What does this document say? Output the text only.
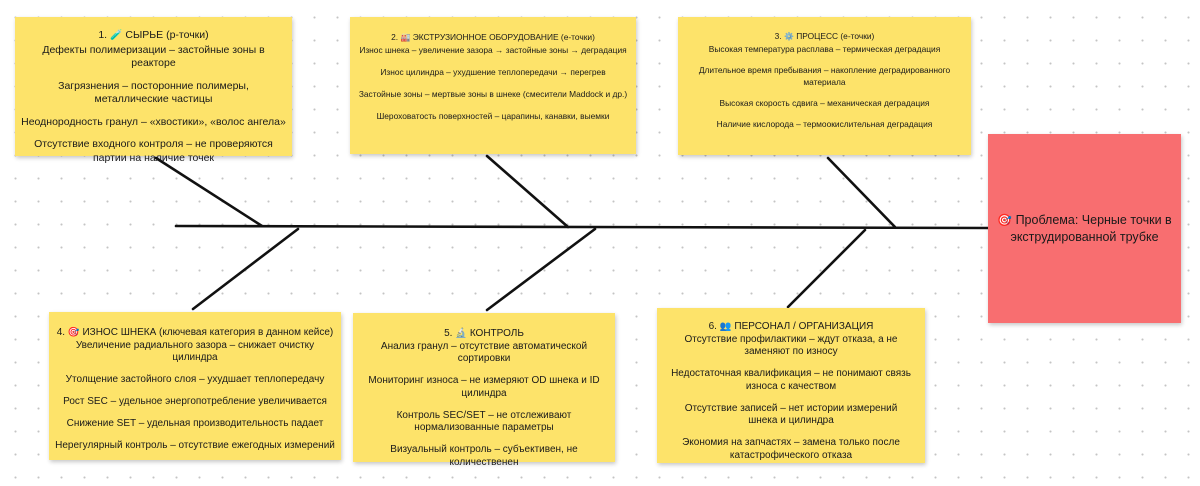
1. 🧪 СЫРЬЕ (p-точки)
Дефекты полимеризации – застойные зоны в реакторе
Загрязнения – посторонние полимеры, металлические частицы
Неоднородность гранул – «хвостики», «волос ангела»
Отсутствие входного контроля – не проверяются партии на наличие точек
2. 🏭 ЭКСТРУЗИОННОЕ ОБОРУДОВАНИЕ (e-точки)
Износ шнека – увеличение зазора → застойные зоны → деградация
Износ цилиндра – ухудшение теплопередачи → перегрев
Застойные зоны – мертвые зоны в шнеке (смесители Maddock и др.)
Шероховатость поверхностей – царапины, канавки, выемки
3. ⚙️ ПРОЦЕСС (e-точки)
Высокая температура расплава – термическая деградация
Длительное время пребывания – накопление деградированного материала
Высокая скорость сдвига – механическая деградация
Наличие кислорода – термоокислительная деградация
4. 🎯 ИЗНОС ШНЕКА (ключевая категория в данном кейсе)
Увеличение радиального зазора – снижает очистку цилиндра
Утолщение застойного слоя – ухудшает теплопередачу
Рост SEC – удельное энергопотребление увеличивается
Снижение SET – удельная производительность падает
Нерегулярный контроль – отсутствие ежегодных измерений
5. 🔬 КОНТРОЛЬ
Анализ гранул – отсутствие автоматической сортировки
Мониторинг износа – не измеряют OD шнека и ID цилиндра
Контроль SEC/SET – не отслеживают нормализованные параметры
Визуальный контроль – субъективен, не количественен
6. 👥 ПЕРСОНАЛ / ОРГАНИЗАЦИЯ
Отсутствие профилактики – ждут отказа, а не заменяют по износу
Недостаточная квалификация – не понимают связь износа с качеством
Отсутствие записей – нет истории измерений шнека и цилиндра
Экономия на запчастях – замена только после катастрофического отказа
🎯 Проблема: Черные точки в экструдированной трубке
